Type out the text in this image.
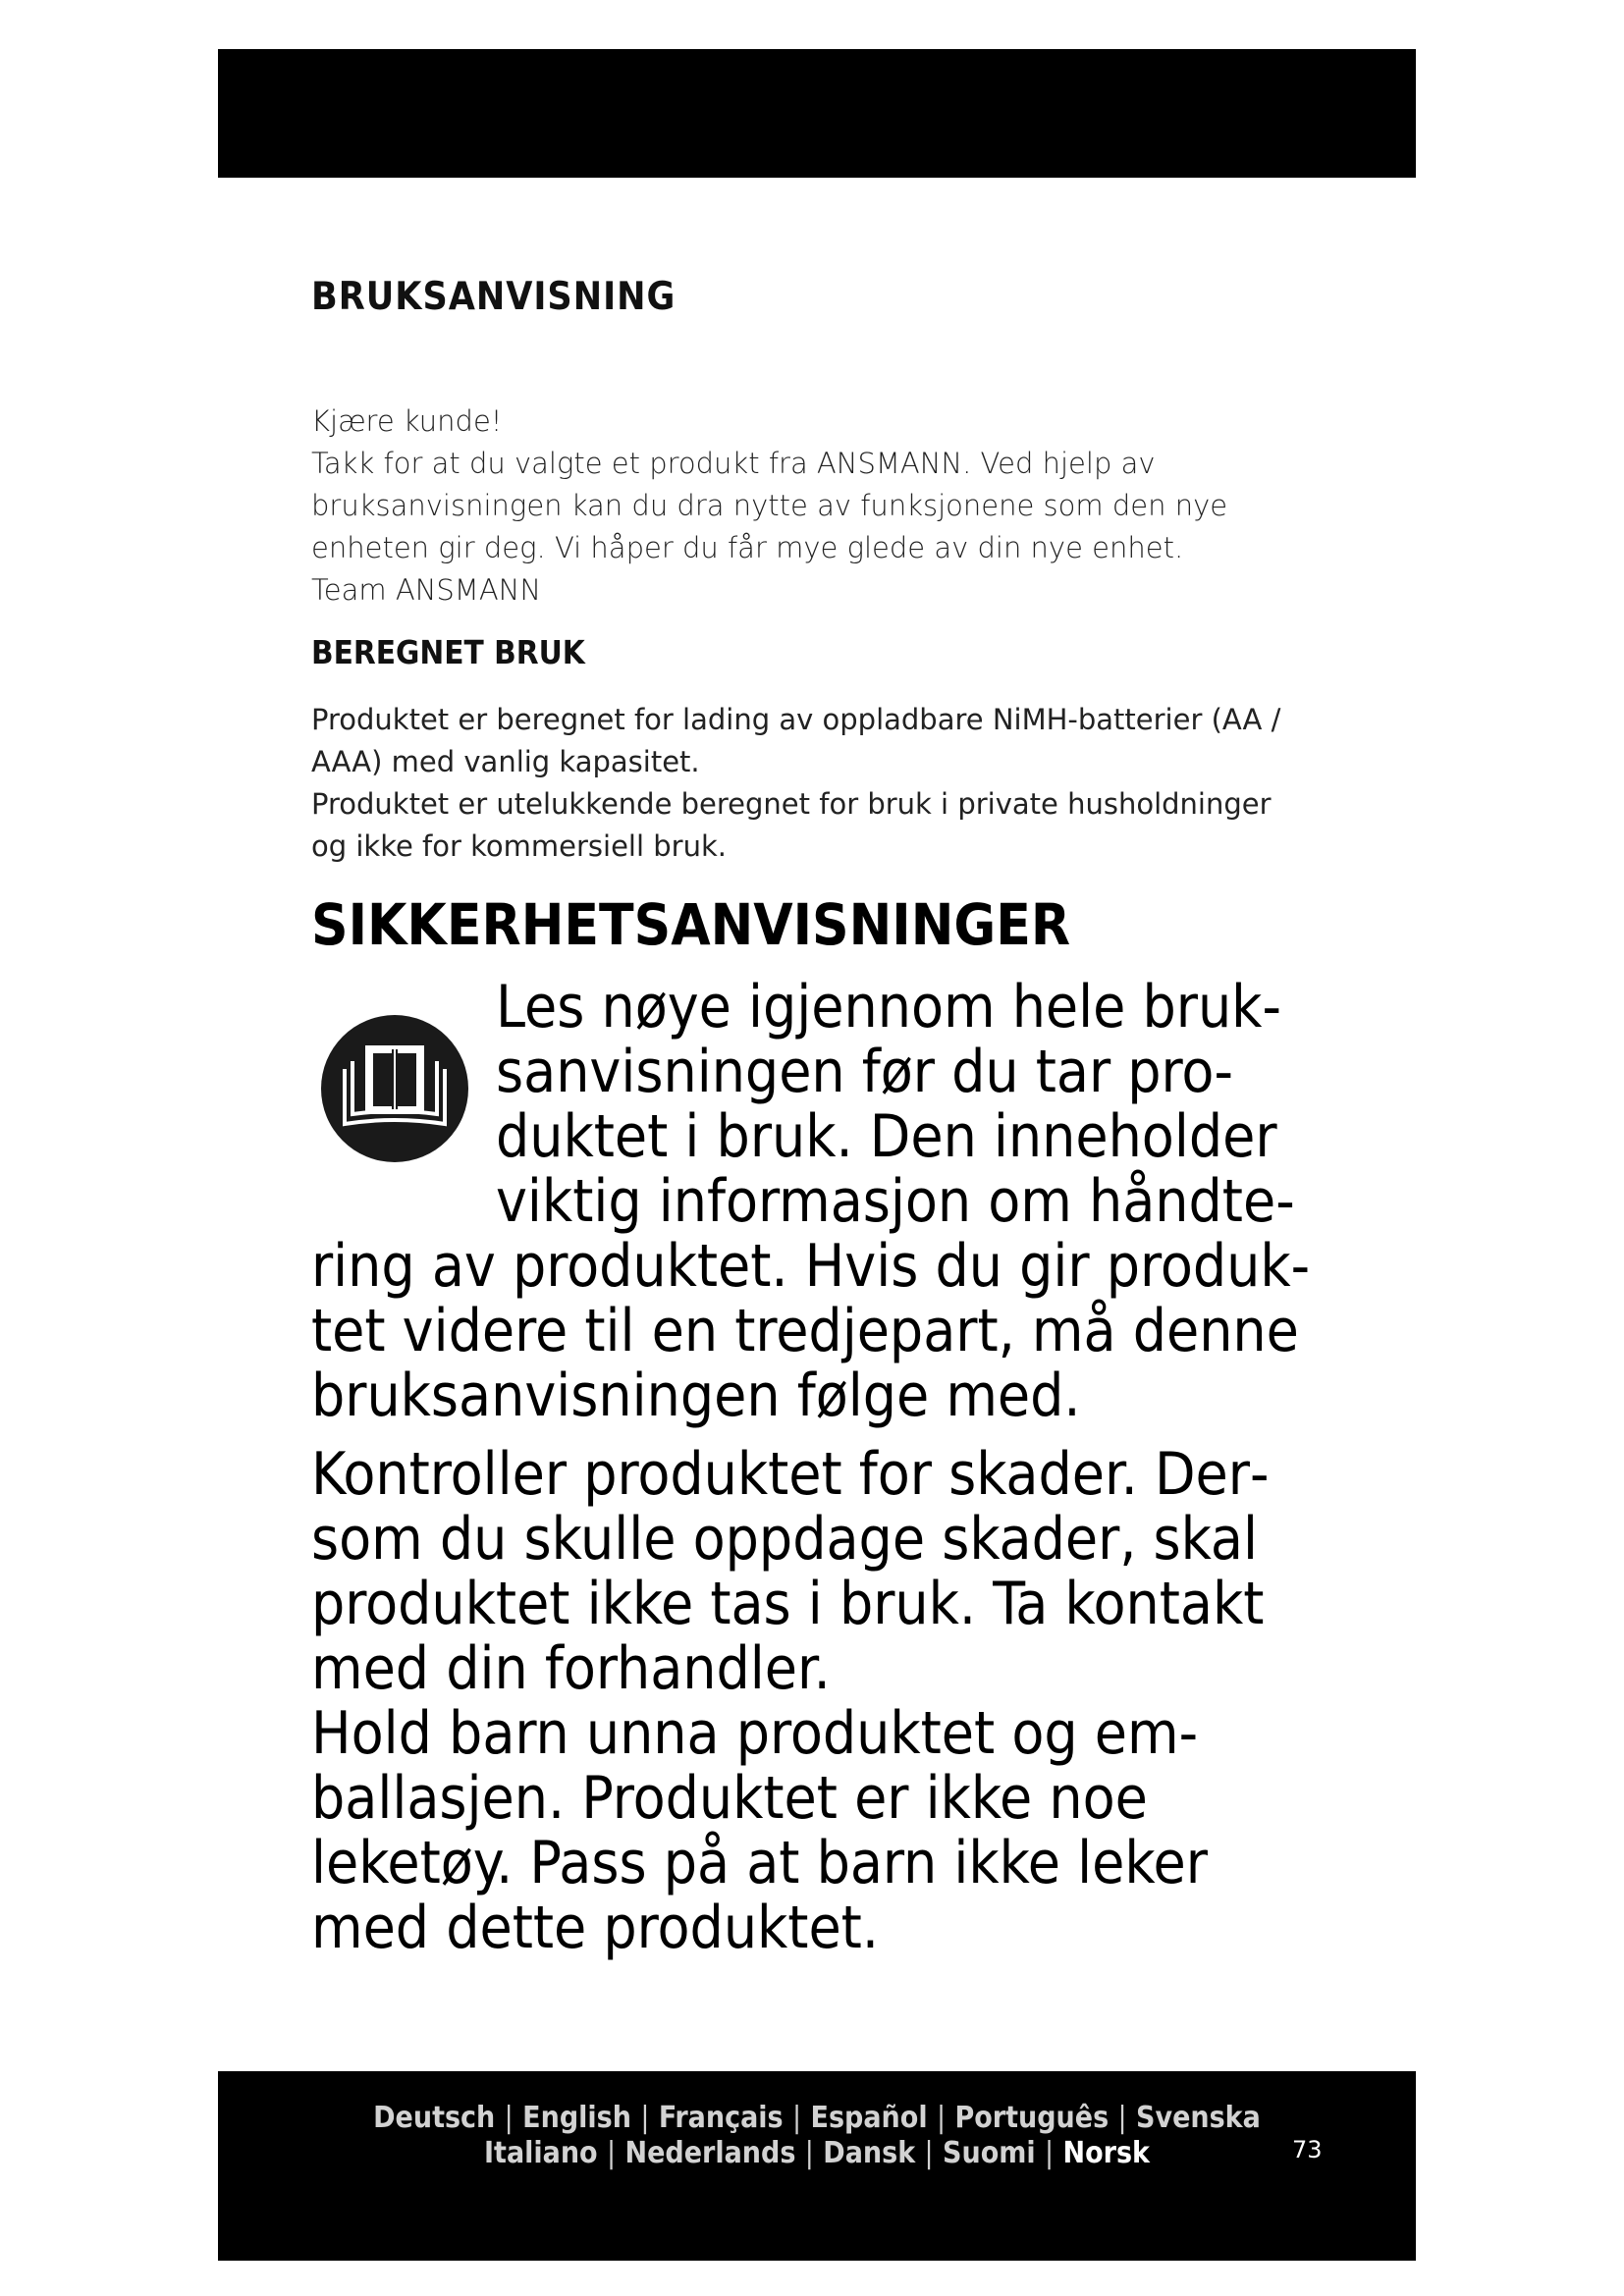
BRUKSANVISNING

Kjære kunde!

Takk for at du valgte et produkt fra ANSMANN. Ved hjelp av bruksanvisningen kan du dra nytte av funksjonene som den nye enheten gir deg. Vi håper du får mye glede av din nye enhet.

Team ANSMANN

BEREGNET BRUK

Produktet er beregnet for lading av oppladbare NiMH-batterier (AA / AAA) med vanlig kapasitet.

Produktet er utelukkende beregnet for bruk i private husholdninger og ikke for kommersiell bruk.

SIKKERHETSANVISNINGER

Les nøye igjennom hele bruksanvisningen før du tar produktet i bruk. Den inneholder viktig informasjon om håndtering av produktet. Hvis du gir produktet videre til en tredjepart, må denne bruksanvisningen følge med.

Kontroller produktet for skader. Dersom du skulle oppdage skader, skal produktet ikke tas i bruk. Ta kontakt med din forhandler.

Hold barn unna produktet og emballasjen. Produktet er ikke noe leketøy. Pass på at barn ikke leker med dette produktet.

Deutsch | English | Français | Español | Português | Svenska
Italiano | Nederlands | Dansk | Suomi | Norsk	73
